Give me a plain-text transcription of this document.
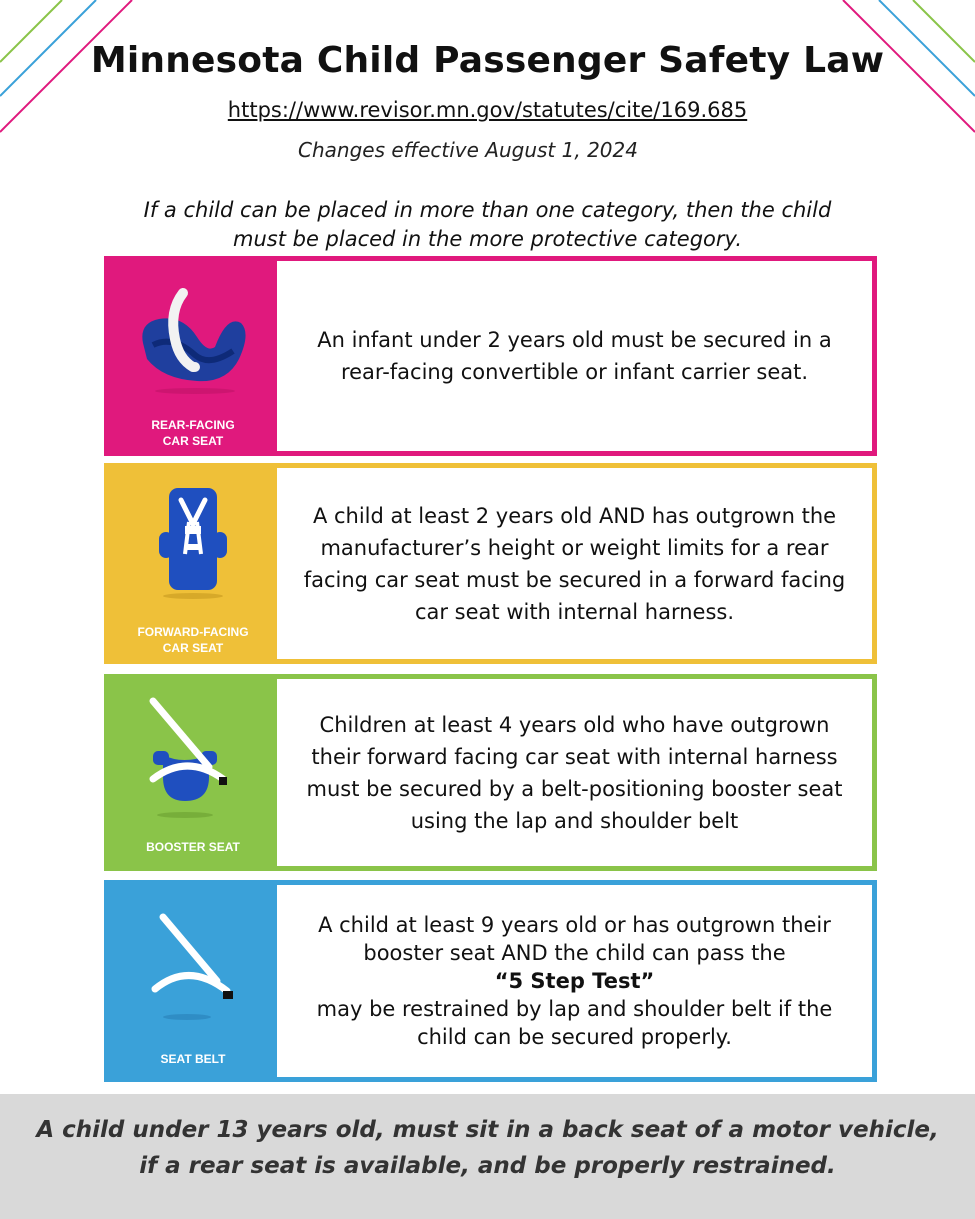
Minnesota Child Passenger Safety Law
https://www.revisor.mn.gov/statutes/cite/169.685
Changes effective August 1, 2024
If a child can be placed in more than one category, then the child
must be placed in the more protective category.
REAR-FACING
CAR SEAT
An infant under 2 years old must be secured in a rear-facing convertible or infant carrier seat.
FORWARD-FACING
CAR SEAT
A child at least 2 years old AND has outgrown the manufacturer’s height or weight limits for a rear facing car seat must be secured in a forward facing car seat with internal harness.
BOOSTER SEAT
Children at least 4 years old who have outgrown their forward facing car seat with internal harness must be secured by a belt-positioning booster seat using the lap and shoulder belt
SEAT BELT
A child at least 9 years old or has outgrown their
booster seat AND the child can pass the
“5 Step Test”
may be restrained by lap and shoulder belt if the
child can be secured properly.
A child under 13 years old, must sit in a back seat of a motor vehicle,
if a rear seat is available, and be properly restrained.
